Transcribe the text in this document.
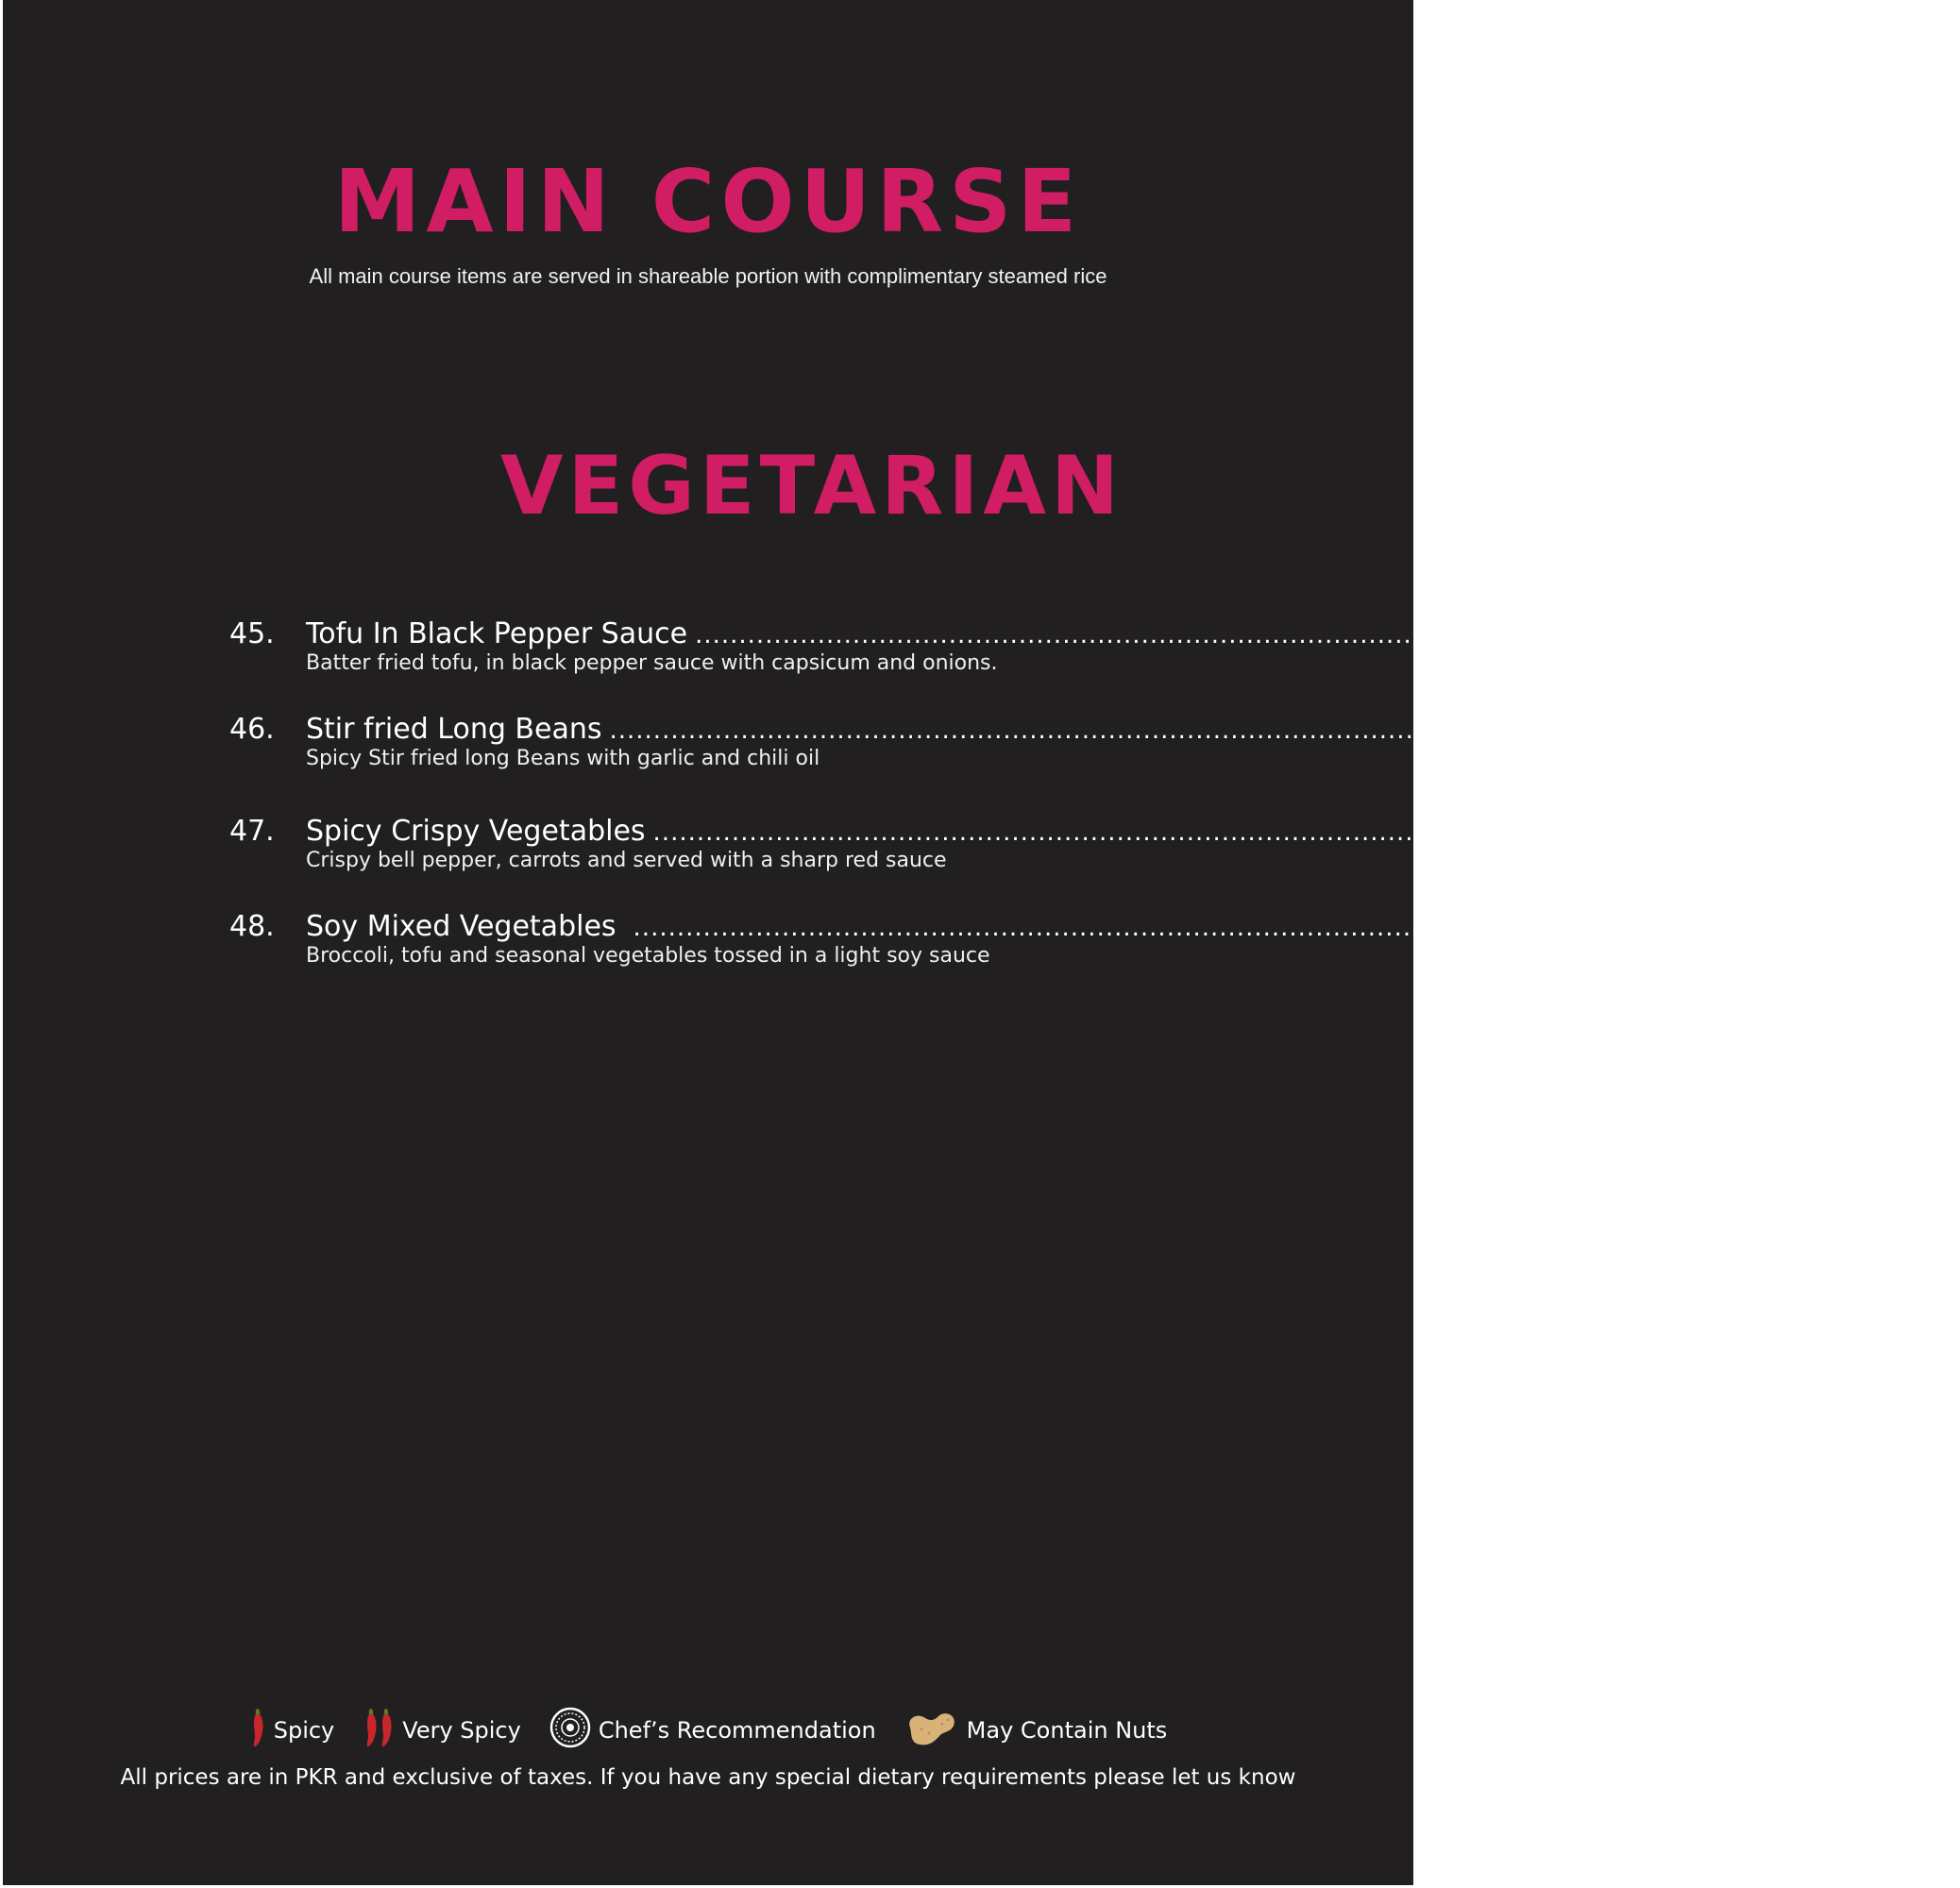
MAIN COURSE
All main course items are served in shareable portion with complimentary steamed rice
VEGETARIAN
45. Tofu In Black Pepper Sauce ......................................................................................................................................... 885
Batter fried tofu, in black pepper sauce with capsicum and onions.
46. Stir fried Long Beans ......................................................................................................................................... 885
Spicy Stir fried long Beans with garlic and chili oil
47. Spicy Crispy Vegetables ......................................................................................................................................... 920
Crispy bell pepper, carrots and served with a sharp red sauce
48. Soy Mixed Vegetables ......................................................................................................................................... 920
Broccoli, tofu and seasonal vegetables tossed in a light soy sauce
Spicy	Very Spicy	Chef’s Recommendation	May Contain Nuts
All prices are in PKR and exclusive of taxes. If you have any special dietary requirements please let us know
